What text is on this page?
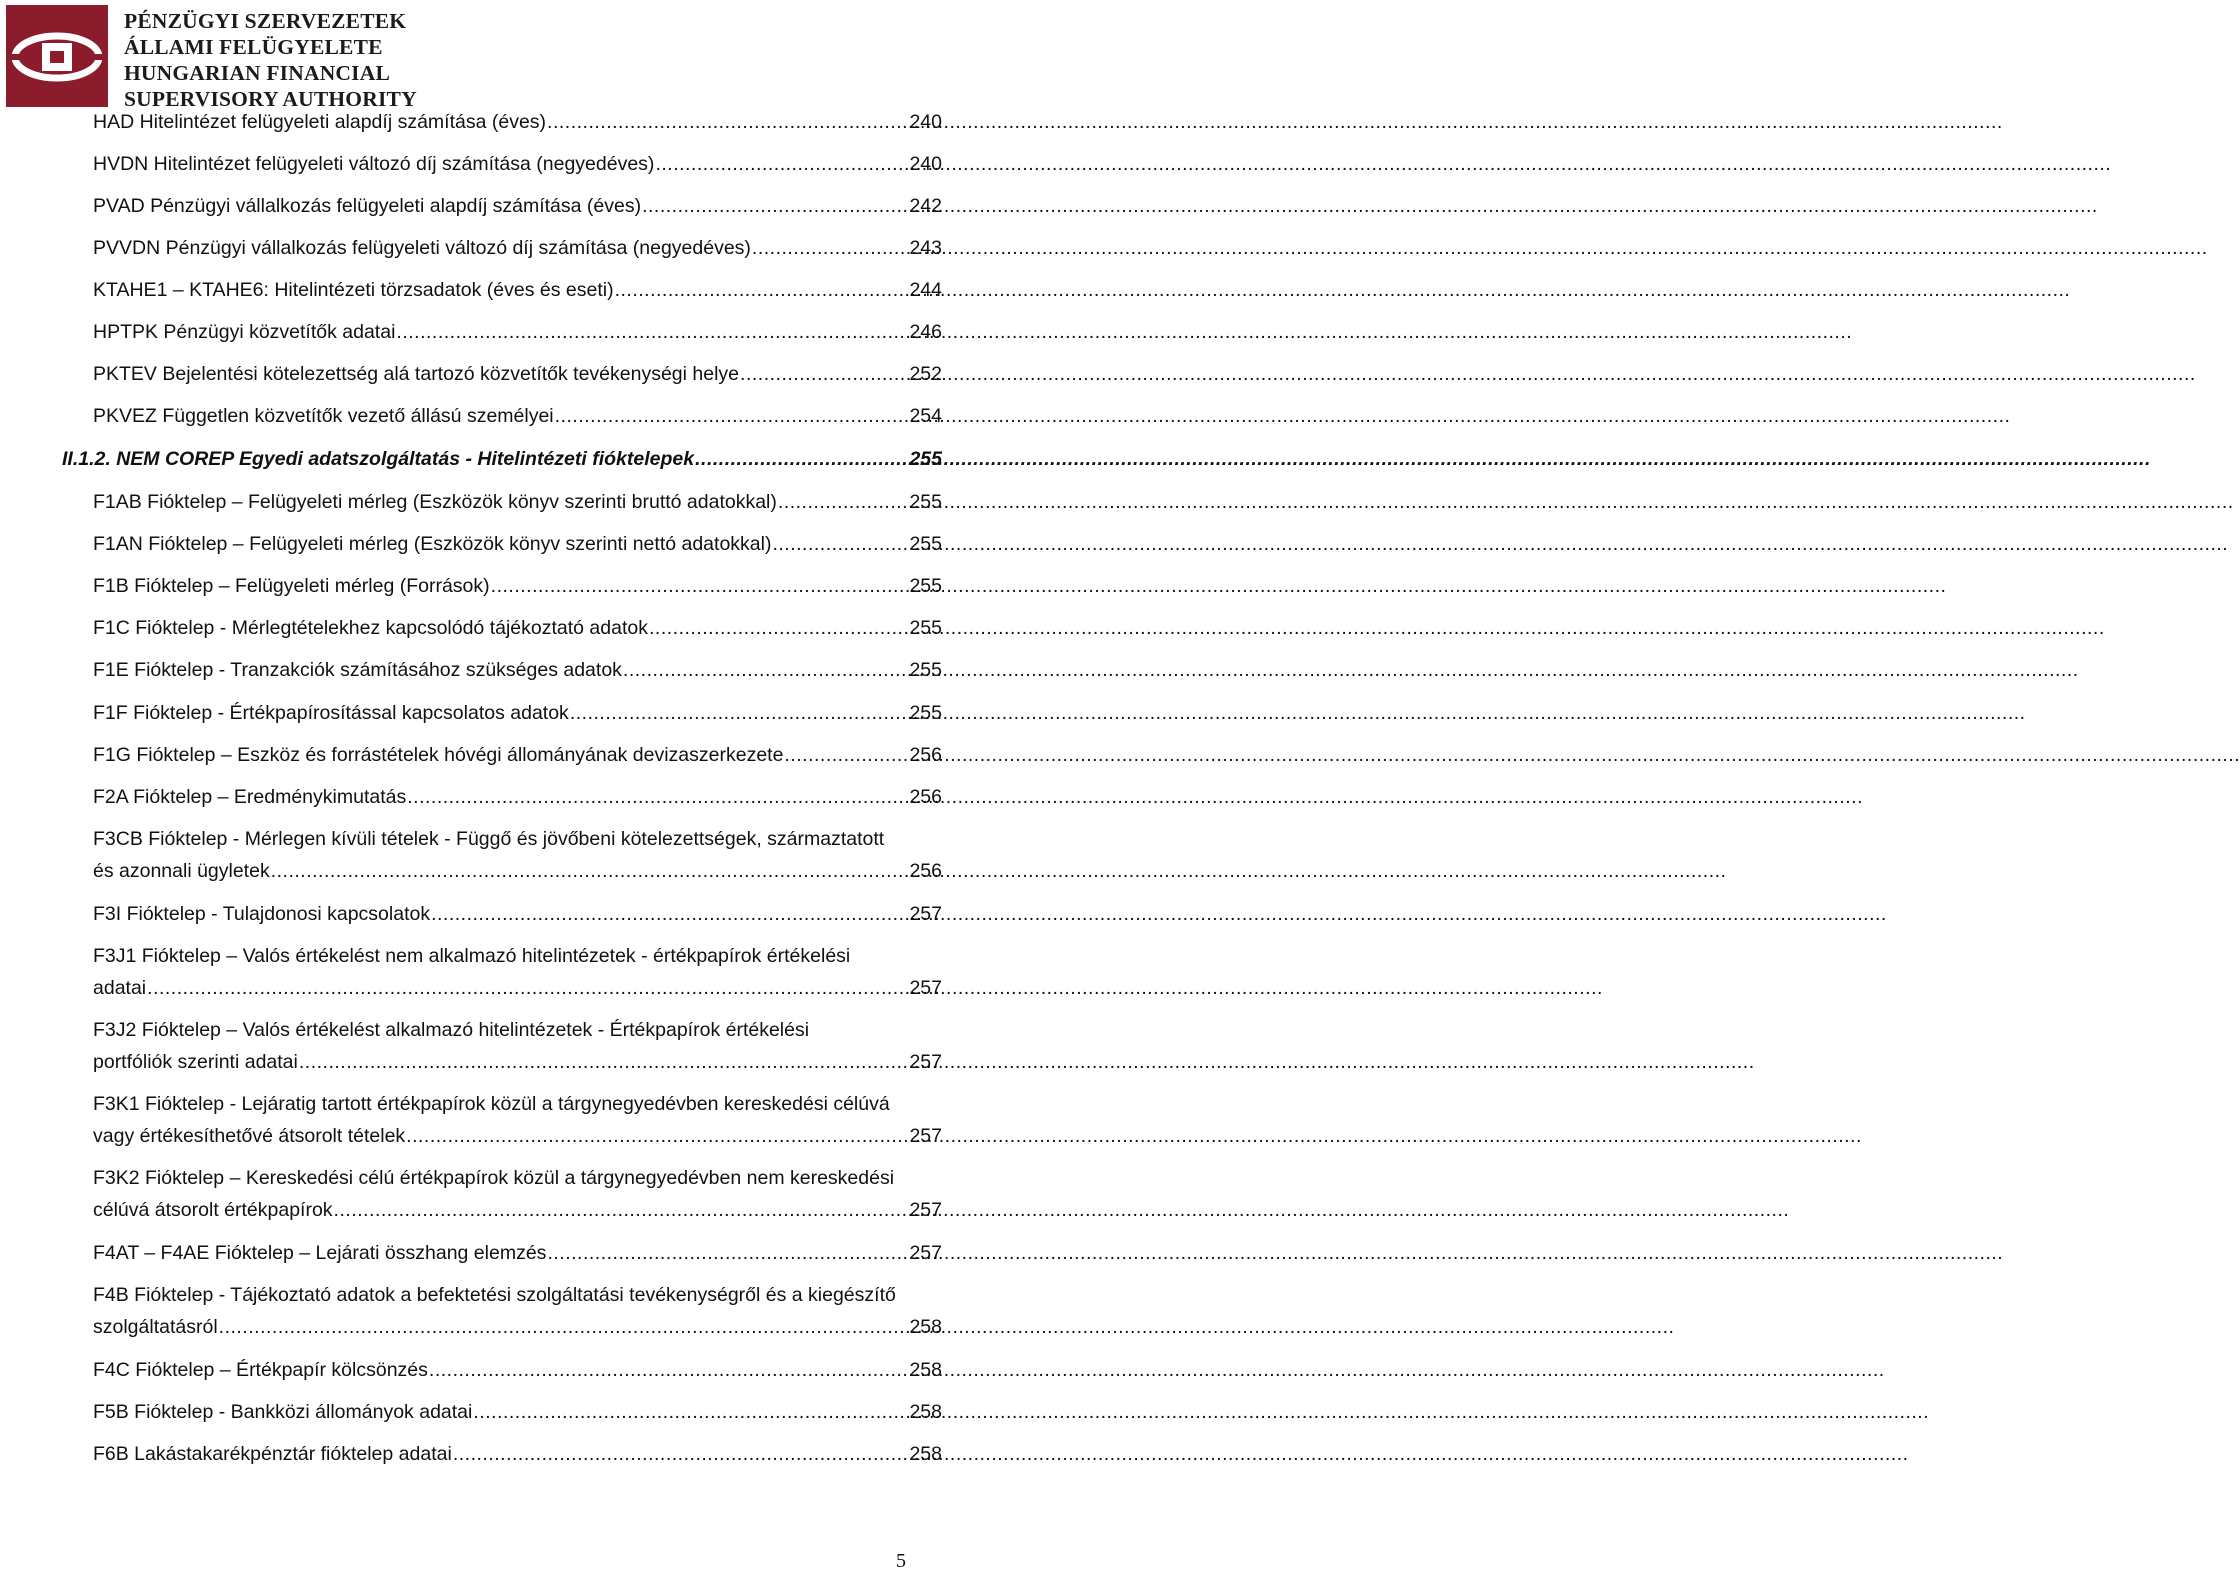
PÉNZÜGYI SZERVEZETEK
ÁLLAMI FELÜGYELETE
HUNGARIAN FINANCIAL
SUPERVISORY AUTHORITY
HAD Hitelintézet felügyeleti alapdíj számítása (éves) .....	240
HVDN Hitelintézet felügyeleti változó díj számítása (negyedéves) .....	240
PVAD Pénzügyi vállalkozás felügyeleti alapdíj számítása (éves) .....	242
PVVDN Pénzügyi vállalkozás felügyeleti változó díj számítása (negyedéves) .....	243
KTAHE1 – KTAHE6: Hitelintézeti törzsadatok (éves és eseti) .....	244
HPTPK Pénzügyi közvetítők adatai .....	246
PKTEV Bejelentési kötelezettség alá tartozó közvetítők tevékenységi helye .....	252
PKVEZ Független közvetítők vezető állású személyei .....	254
II.1.2. NEM COREP Egyedi adatszolgáltatás - Hitelintézeti fióktelepek .....	255
F1AB Fióktelep – Felügyeleti mérleg (Eszközök könyv szerinti bruttó adatokkal) .....	255
F1AN Fióktelep – Felügyeleti mérleg (Eszközök könyv szerinti nettó adatokkal) .....	255
F1B Fióktelep – Felügyeleti mérleg (Források) .....	255
F1C Fióktelep - Mérlegtételekhez kapcsolódó tájékoztató adatok .....	255
F1E Fióktelep - Tranzakciók számításához szükséges adatok .....	255
F1F Fióktelep - Értékpapírosítással kapcsolatos adatok .....	255
F1G Fióktelep – Eszköz és forrástételek hóvégi állományának devizaszerkezete .....	256
F2A Fióktelep – Eredménykimutatás .....	256
F3CB Fióktelep - Mérlegen kívüli tételek - Függő és jövőbeni kötelezettségek, származtatott
és azonnali ügyletek .....	256
F3I Fióktelep - Tulajdonosi kapcsolatok .....	257
F3J1 Fióktelep – Valós értékelést nem alkalmazó hitelintézetek - értékpapírok értékelési
adatai .....	257
F3J2 Fióktelep – Valós értékelést alkalmazó hitelintézetek - Értékpapírok értékelési
portfóliók szerinti adatai .....	257
F3K1 Fióktelep - Lejáratig tartott értékpapírok közül a tárgynegyedévben kereskedési célúvá
vagy értékesíthetővé átsorolt tételek .....	257
F3K2 Fióktelep – Kereskedési célú értékpapírok közül a tárgynegyedévben nem kereskedési
célúvá átsorolt értékpapírok .....	257
F4AT – F4AE Fióktelep – Lejárati összhang elemzés .....	257
F4B Fióktelep - Tájékoztató adatok a befektetési szolgáltatási tevékenységről és a kiegészítő
szolgáltatásról .....	258
F4C Fióktelep – Értékpapír kölcsönzés .....	258
F5B Fióktelep - Bankközi állományok adatai .....	258
F6B Lakástakarékpénztár fióktelep adatai .....	258
5
